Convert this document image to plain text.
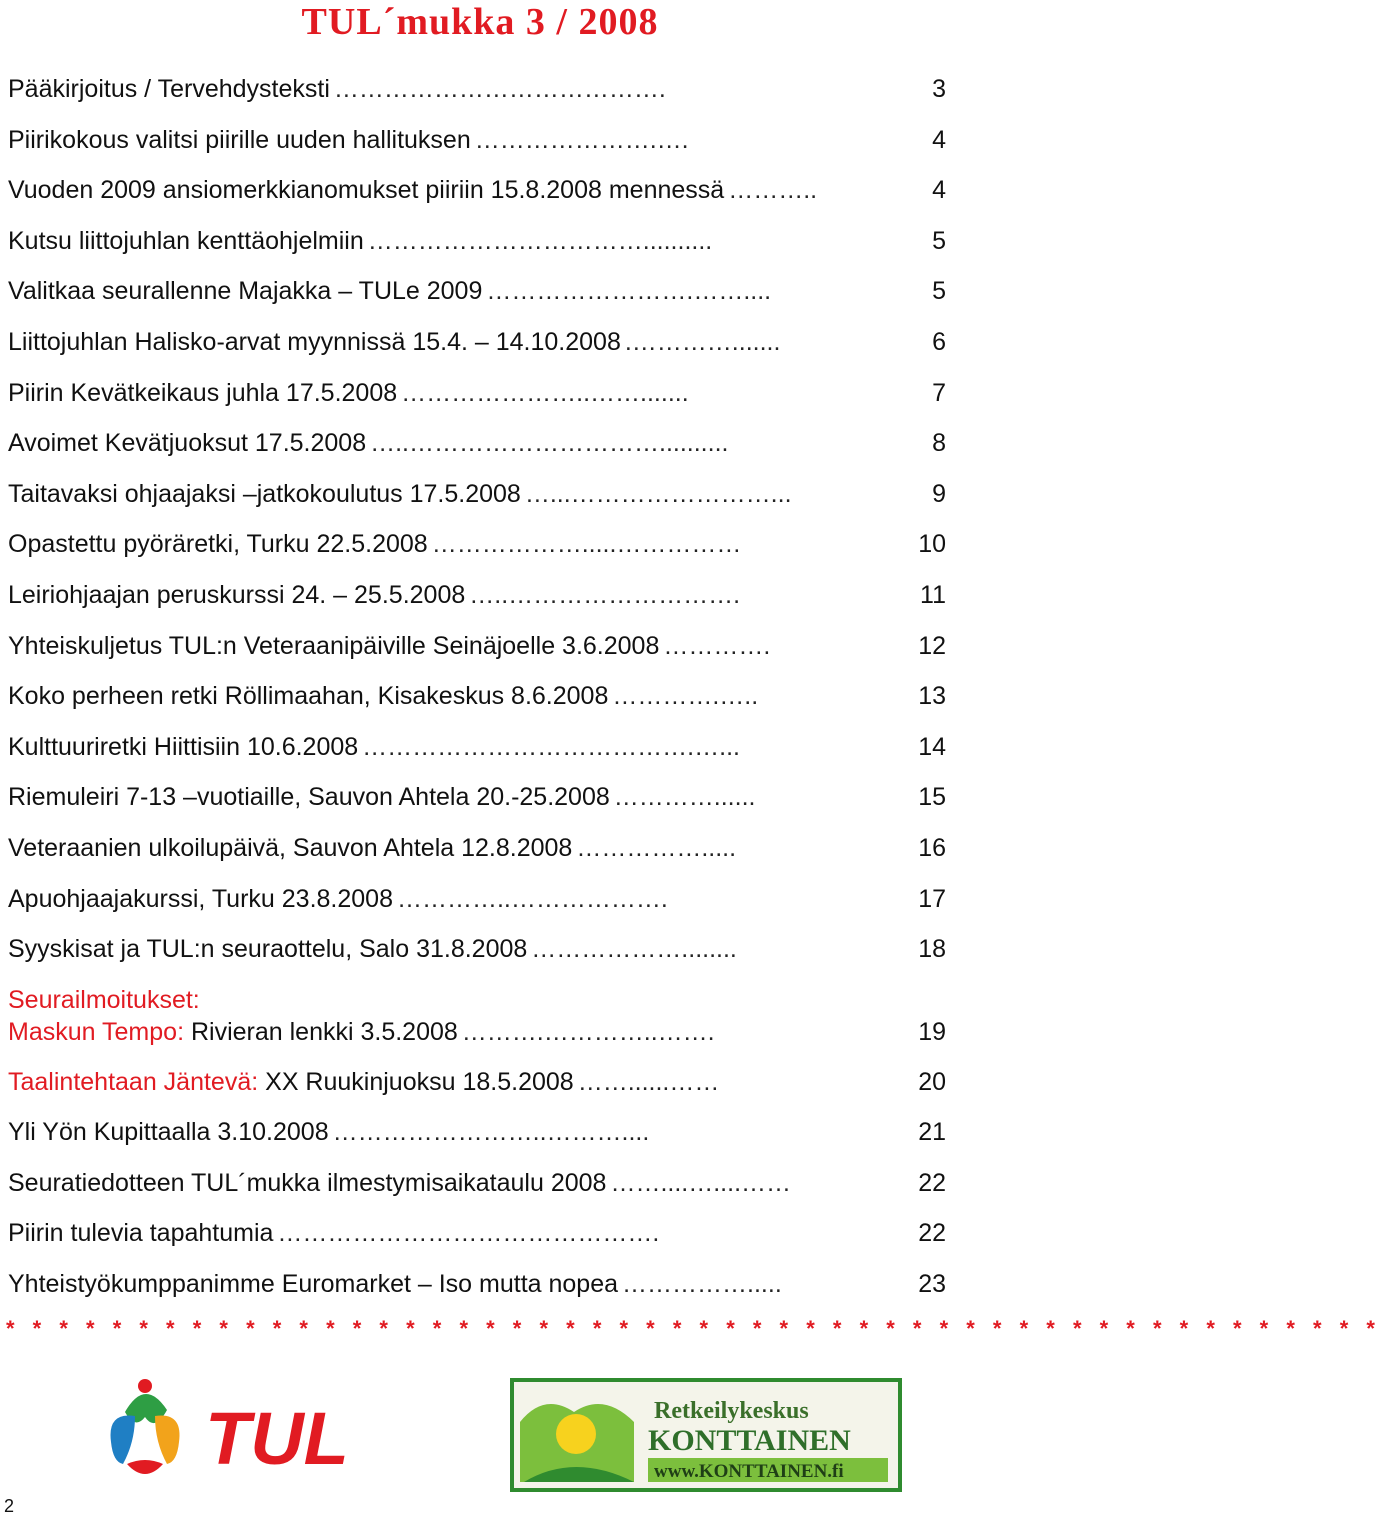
TUL´mukka 3 / 2008
Pääkirjoitus / Tervehdysteksti ………………………………….	3
Piirikokous valitsi piirille uuden hallituksen ………………….….	4
Vuoden 2009 ansiomerkkianomukset piiriin 15.8.2008 mennessä ………..	4
Kutsu liittojuhlan kenttäohjelmiin ……………………………..........	5
Valitkaa seurallenne Majakka – TULe 2009 …………………….……....	5
Liittojuhlan Halisko-arvat myynnissä 15.4. – 14.10.2008 .………….......	6
Piirin Kevätkeikaus juhla 17.5.2008 …………………..…….......	7
Avoimet Kevätjuoksut 17.5.2008 …..…………………………..........	8
Taitavaksi ohjaajaksi –jatkokoulutus 17.5.2008 …...……………………...	9
Opastettu pyöräretki, Turku 22.5.2008 ……………….....……………	10
Leiriohjaajan peruskurssi 24. – 25.5.2008 …..……………………….	11
Yhteiskuljetus TUL:n Veteraanipäiville Seinäjoelle 3.6.2008 ………….	12
Koko perheen retki Röllimaahan, Kisakeskus 8.6.2008 ………….…..	13
Kulttuuriretki Hiittisiin 10.6.2008 ………………………………….…...	14
Riemuleiri 7-13 –vuotiaille, Sauvon Ahtela 20.-25.2008 …………......	15
Veteraanien ulkoilupäivä, Sauvon Ahtela 12.8.2008 …………….....	16
Apuohjaajakurssi, Turku 23.8.2008 …………..……………….	17
Syyskisat ja TUL:n seuraottelu, Salo 31.8.2008 ………………........	18
Seurailmoitukset:
Maskun Tempo: Rivieran lenkki 3.5.2008 ……….…………..…….	19
Taalintehtaan Jäntevä: XX Ruukinjuoksu 18.5.2008 ……......……	20
Yli Yön Kupittaalla 3.10.2008 ……………………..………....	21
Seuratiedotteen TUL´mukka ilmestymisaikataulu 2008 ……....…....……	22
Piirin tulevia tapahtumia ……………………………………….	22
Yhteistyökumppanimme Euromarket – Iso mutta nopea …………….....	23
* * * * * * * * * * * * * * * * * * * * * * * * * * * * * * * * * * * * * * * * * * * * * * * * * * * *
TUL	Retkeilykeskus
KONTTAINEN
www.KONTTAINEN.fi
2
